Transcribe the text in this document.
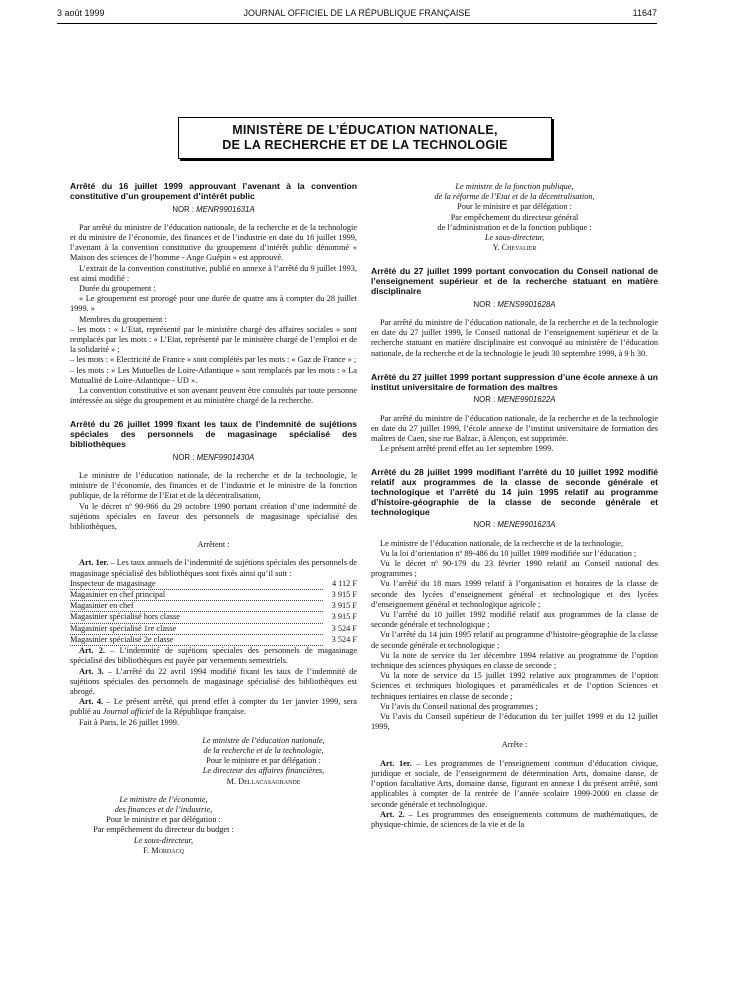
3 août 1999	JOURNAL OFFICIEL DE LA RÉPUBLIQUE FRANÇAISE	11647
MINISTÈRE DE L’ÉDUCATION NATIONALE,
DE LA RECHERCHE ET DE LA TECHNOLOGIE
Arrêté du 16 juillet 1999 approuvant l’avenant à la convention constitutive d’un groupement d’intérêt public
NOR : MENR9901631A

Par arrêté du ministre de l’éducation nationale, de la recherche et de la technologie et du ministre de l’économie, des finances et de l’industrie en date du 16 juillet 1999, l’avenant à la convention constitutive du groupement d’intérêt public dénommé « Maison des sciences de l’homme - Ange Guépin » est approuvé.

L’extrait de la convention constitutive, publié en annexe à l’arrêté du 9 juillet 1993, est ainsi modifié :

Durée du groupement :

« Le groupement est prorogé pour une durée de quatre ans à compter du 28 juillet 1999. »

Membres du groupement :

– les mots : « L’Etat, représenté par le ministère chargé des affaires sociales » sont remplacés par les mots : « L’Etat, représenté par le ministère chargé de l’emploi et de la solidarité » ;

– les mots : « Electricité de France » sont complétés par les mots : « Gaz de France » ;

– les mots : « Les Mutuelles de Loire-Atlantique » sont remplacés par les mots : « La Mutualité de Loire-Atlantique - UD ».

La convention constitutive et son avenant peuvent être consultés par toute personne intéressée au siège du groupement et au ministère chargé de la recherche.

Arrêté du 26 juillet 1999 fixant les taux de l’indemnité de sujétions spéciales des personnels de magasinage spécialisé des bibliothèques
NOR : MENF9901430A

Le ministre de l’éducation nationale, de la recherche et de la technologie, le ministre de l’économie, des finances et de l’industrie et le ministre de la fonction publique, de la réforme de l’Etat et de la décentralisation,

Vu le décret nº 90-966 du 29 octobre 1990 portant création d’une indemnité de sujétions spéciales en faveur des personnels de magasinage spécialisé des bibliothèques,

Arrêtent :

Art. 1er. – Les taux annuels de l’indemnité de sujétions spéciales des personnels de magasinage spécialisé des bibliothèques sont fixés ainsi qu’il suit :

Inspecteur de magasinage	4 112 F
Magasinier en chef principal	3 915 F
Magasinier en chef	3 915 F
Magasinier spécialisé hors classe	3 915 F
Magasinier spécialisé 1re classe	3 524 F
Magasinier spécialisé 2e classe	3 524 F

Art. 2. – L’indemnité de sujétions spéciales des personnels de magasinage spécialisé des bibliothèques est payée par versements semestriels.

Art. 3. – L’arrêté du 22 avril 1994 modifié fixant les taux de l’indemnité de sujétions spéciales des personnels de magasinage spécialisé des bibliothèques est abrogé.

Art. 4. – Le présent arrêté, qui prend effet à compter du 1er janvier 1999, sera publié au Journal officiel de la République française.

Fait à Paris, le 26 juillet 1999.

Le ministre de l’éducation nationale,

de la recherche et de la technologie,

Pour le ministre et par délégation :

Le directeur des affaires financières,

M. Dellacasagrande

Le ministre de l’économie,

des finances et de l’industrie,

Pour le ministre et par délégation :

Par empêchement du directeur du budget :

Le sous-directeur,

F. Mordacq

Le ministre de la fonction publique,

de la réforme de l’Etat et de la décentralisation,

Pour le ministre et par délégation :

Par empêchement du directeur général

de l’administration et de la fonction publique :

Le sous-directeur,

Y. Chevalier

Arrêté du 27 juillet 1999 portant convocation du Conseil national de l’enseignement supérieur et de la recherche statuant en matière disciplinaire
NOR : MENS9901628A

Par arrêté du ministre de l’éducation nationale, de la recherche et de la technologie en date du 27 juillet 1999, le Conseil national de l’enseignement supérieur et de la recherche statuant en matière disciplinaire est convoqué au ministère de l’éducation nationale, de la recherche et de la technologie le jeudi 30 septembre 1999, à 9 h 30.

Arrêté du 27 juillet 1999 portant suppression d’une école annexe à un institut universitaire de formation des maîtres
NOR : MENE9901622A

Par arrêté du ministre de l’éducation nationale, de la recherche et de la technologie en date du 27 juillet 1999, l’école annexe de l’institut universitaire de formation des maîtres de Caen, sise rue Balzac, à Alençon, est supprimée.

Le présent arrêté prend effet au 1er septembre 1999.

Arrêté du 28 juillet 1999 modifiant l’arrêté du 10 juillet 1992 modifié relatif aux programmes de la classe de seconde générale et technologique et l’arrêté du 14 juin 1995 relatif au programme d’histoire-géographie de la classe de seconde générale et technologique
NOR : MENE9901623A

Le ministre de l’éducation nationale, de la recherche et de la technologie,

Vu la loi d’orientation nº 89-486 du 10 juillet 1989 modifiée sur l’éducation ;

Vu le décret nº 90-179 du 23 février 1990 relatif au Conseil national des programmes ;

Vu l’arrêté du 18 mars 1999 relatif à l’organisation et horaires de la classe de seconde des lycées d’enseignement général et technologique et des lycées d’enseignement général et technologique agricole ;

Vu l’arrêté du 10 juillet 1992 modifié relatif aux programmes de la classe de seconde générale et technologique ;

Vu l’arrêté du 14 juin 1995 relatif au programme d’histoire-géographie de la classe de seconde générale et technologique ;

Vu la note de service du 1er décembre 1994 relative au programme de l’option technique des sciences physiques en classe de seconde ;

Vu la note de service du 15 juillet 1992 relative aux programmes de l’option Sciences et techniques biologiques et paramédicales et de l’option Sciences et techniques tertiaires en classe de seconde ;

Vu l’avis du Conseil national des programmes ;

Vu l’avis du Conseil supérieur de l’éducation du 1er juillet 1999 et du 12 juillet 1999,

Arrête :

Art. 1er. – Les programmes de l’enseignement commun d’éducation civique, juridique et sociale, de l’enseignement de détermination Arts, domaine danse, de l’option facultative Arts, domaine danse, figurant en annexe I du présent arrêté, sont applicables à compter de la rentrée de l’année scolaire 1999-2000 en classe de seconde générale et technologique.

Art. 2. – Les programmes des enseignements communs de mathématiques, de physique-chimie, de sciences de la vie et de la
